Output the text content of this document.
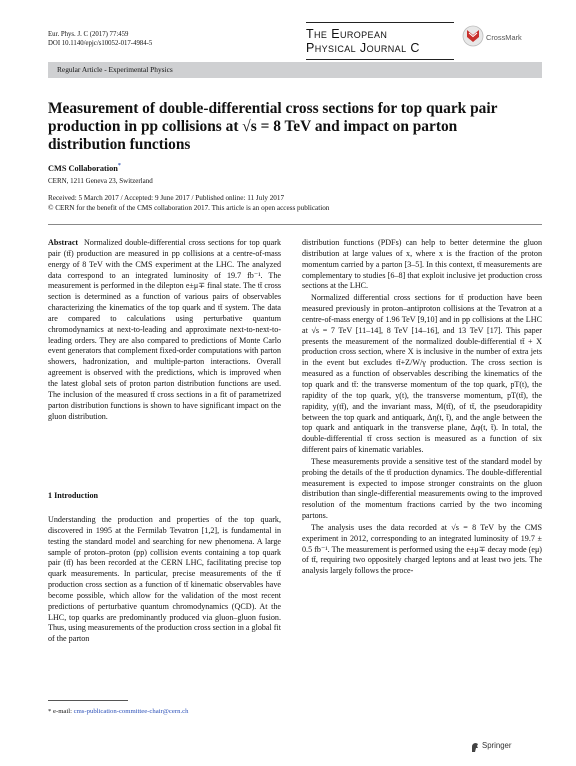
Eur. Phys. J. C (2017) 77:459
DOI 10.1140/epjc/s10052-017-4984-5
The European
Physical Journal C
CrossMark
Regular Article - Experimental Physics
Measurement of double-differential cross sections for top quark pair production in pp collisions at √s = 8 TeV and impact on parton distribution functions
CMS Collaboration*
CERN, 1211 Geneva 23, Switzerland
Received: 5 March 2017 / Accepted: 9 June 2017 / Published online: 11 July 2017
© CERN for the benefit of the CMS collaboration 2017. This article is an open access publication

Abstract Normalized double-differential cross sections for top quark pair (tt̄) production are measured in pp collisions at a centre-of-mass energy of 8 TeV with the CMS experiment at the LHC. The analyzed data correspond to an integrated luminosity of 19.7 fb⁻¹. The measurement is performed in the dilepton e±μ∓ final state. The tt̄ cross section is determined as a function of various pairs of observables characterizing the kinematics of the top quark and tt̄ system. The data are compared to calculations using perturbative quantum chromodynamics at next-to-leading and approximate next-to-next-to-leading orders. They are also compared to predictions of Monte Carlo event generators that complement fixed-order computations with parton showers, hadronization, and multiple-parton interactions. Overall agreement is observed with the predictions, which is improved when the latest global sets of proton parton distribution functions are used. The inclusion of the measured tt̄ cross sections in a fit of parametrized parton distribution functions is shown to have significant impact on the gluon distribution.

1 Introduction

Understanding the production and properties of the top quark, discovered in 1995 at the Fermilab Tevatron [1,2], is fundamental in testing the standard model and searching for new phenomena. A large sample of proton–proton (pp) collision events containing a top quark pair (tt̄) has been recorded at the CERN LHC, facilitating precise top quark measurements. In particular, precise measurements of the tt̄ production cross section as a function of tt̄ kinematic observables have become possible, which allow for the validation of the most recent predictions of perturbative quantum chromodynamics (QCD). At the LHC, top quarks are predominantly produced via gluon–gluon fusion. Thus, using measurements of the production cross section in a global fit of the parton

distribution functions (PDFs) can help to better determine the gluon distribution at large values of x, where x is the fraction of the proton momentum carried by a parton [3–5]. In this context, tt̄ measurements are complementary to studies [6–8] that exploit inclusive jet production cross sections at the LHC.

Normalized differential cross sections for tt̄ production have been measured previously in proton–antiproton collisions at the Tevatron at a centre-of-mass energy of 1.96 TeV [9,10] and in pp collisions at the LHC at √s = 7 TeV [11–14], 8 TeV [14–16], and 13 TeV [17]. This paper presents the measurement of the normalized double-differential tt̄ + X production cross section, where X is inclusive in the number of extra jets in the event but excludes tt̄+Z/W/γ production. The cross section is measured as a function of observables describing the kinematics of the top quark and tt̄: the transverse momentum of the top quark, pT(t), the rapidity of the top quark, y(t), the transverse momentum, pT(tt̄), the rapidity, y(tt̄), and the invariant mass, M(tt̄), of tt̄, the pseudorapidity between the top quark and antiquark, Δη(t, t̄), and the angle between the top quark and antiquark in the transverse plane, Δφ(t, t̄). In total, the double-differential tt̄ cross section is measured as a function of six different pairs of kinematic variables.

These measurements provide a sensitive test of the standard model by probing the details of the tt̄ production dynamics. The double-differential measurement is expected to impose stronger constraints on the gluon distribution than single-differential measurements owing to the improved resolution of the momentum fractions carried by the two incoming partons.

The analysis uses the data recorded at √s = 8 TeV by the CMS experiment in 2012, corresponding to an integrated luminosity of 19.7 ± 0.5 fb⁻¹. The measurement is performed using the e±μ∓ decay mode (eμ) of tt̄, requiring two oppositely charged leptons and at least two jets. The analysis largely follows the proce-

* e-mail: cms-publication-committee-chair@cern.ch
Springer
